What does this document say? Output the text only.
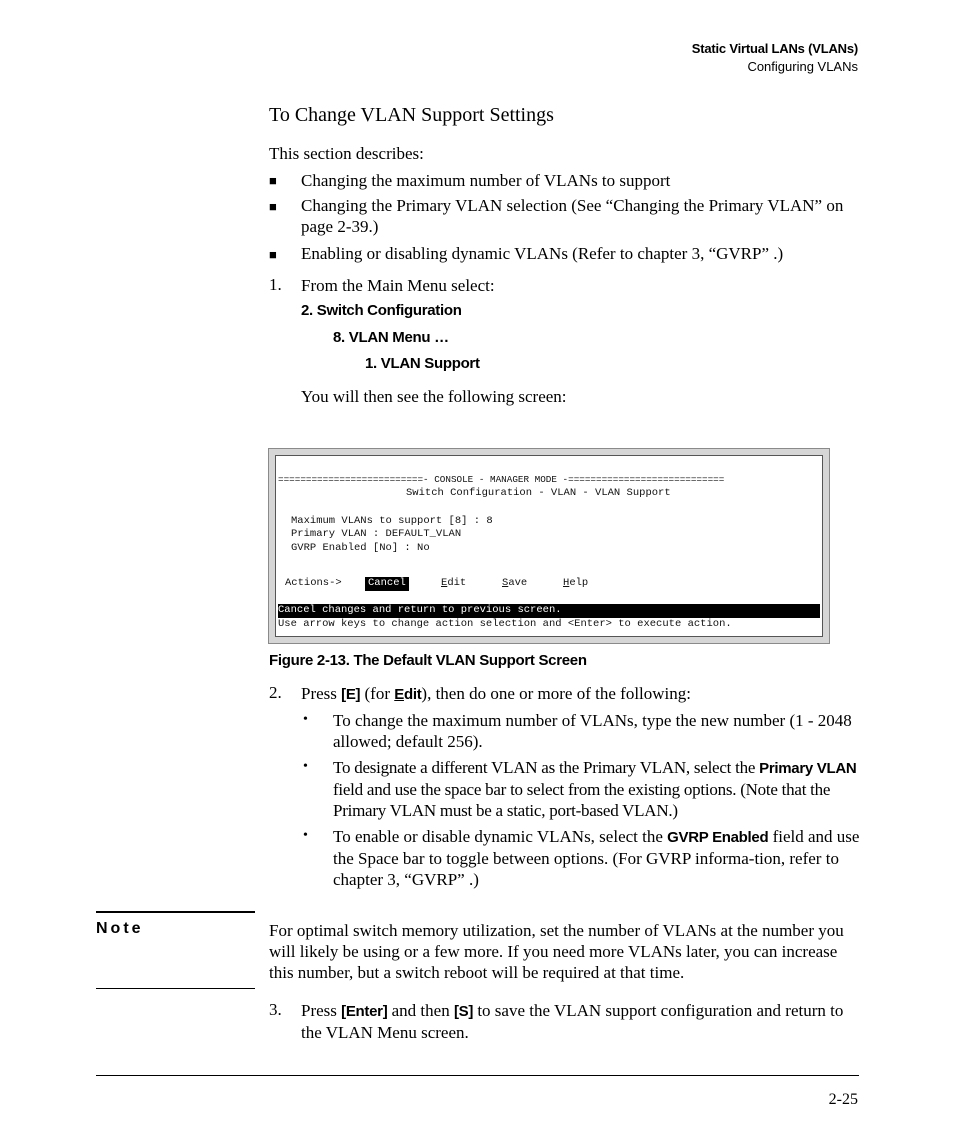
Static Virtual LANs (VLANs)
Configuring VLANs
To Change VLAN Support Settings
This section describes:
■ Changing the maximum number of VLANs to support
■ Changing the Primary VLAN selection (See “Changing the Primary VLAN” on page 2-39.)
■ Enabling or disabling dynamic VLANs (Refer to chapter 3, “GVRP” .)
1. From the Main Menu select:
2. Switch Configuration
8. VLAN Menu …
1. VLAN Support
You will then see the following screen:
==========================- CONSOLE - MANAGER MODE -============================
Switch Configuration - VLAN - VLAN Support
Maximum VLANs to support [8] : 8
Primary VLAN : DEFAULT_VLAN
GVRP Enabled [No] : No
Actions->	Cancel	Edit	Save	Help
Cancel changes and return to previous screen.
Use arrow keys to change action selection and <Enter> to execute action.
Figure 2-13. The Default VLAN Support Screen
2. Press [E] (for Edit), then do one or more of the following:
• To change the maximum number of VLANs, type the new number (1 - 2048 allowed; default 256).
• To designate a different VLAN as the Primary VLAN, select the Primary VLAN field and use the space bar to select from the existing options. (Note that the Primary VLAN must be a static, port-based VLAN.)
• To enable or disable dynamic VLANs, select the GVRP Enabled field and use the Space bar to toggle between options. (For GVRP informa-tion, refer to chapter 3, “GVRP” .)
Note	For optimal switch memory utilization, set the number of VLANs at the number you will likely be using or a few more. If you need more VLANs later, you can increase this number, but a switch reboot will be required at that time.
3. Press [Enter] and then [S] to save the VLAN support configuration and return to the VLAN Menu screen.
2-25
